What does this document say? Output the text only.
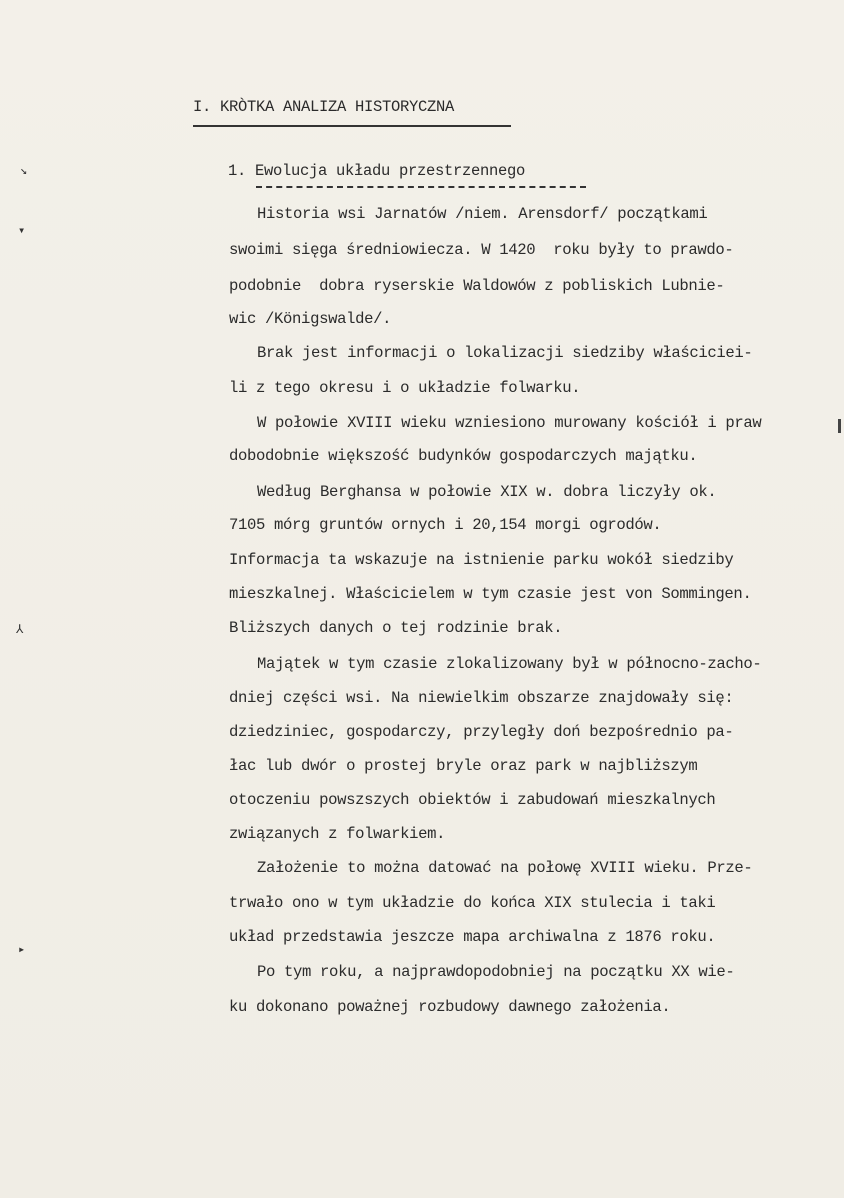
I. KRÒTKA ANALIZA HISTORYCZNA
1. Ewolucja układu przestrzennego
Historia wsi Jarnatów /niem. Arensdorf/ początkami
swoimi sięga średniowiecza. W 1420  roku były to prawdo-
podobnie  dobra ryserskie Waldowów z pobliskich Lubnie-
wic /Königswalde/.
Brak jest informacji o lokalizacji siedziby właściciei-
li z tego okresu i o układzie folwarku.
W połowie XVIII wieku wzniesiono murowany kościół i praw
dobodobnie większość budynków gospodarczych majątku.
Według Berghansa w połowie XIX w. dobra liczyły ok.
7105 mórg gruntów ornych i 20,154 morgi ogrodów.
Informacja ta wskazuje na istnienie parku wokół siedziby
mieszkalnej. Właścicielem w tym czasie jest von Sommingen.
Bliższych danych o tej rodzinie brak.
Majątek w tym czasie zlokalizowany był w północno-zacho-
dniej części wsi. Na niewielkim obszarze znajdowały się:
dziedziniec, gospodarczy, przyległy doń bezpośrednio pa-
łac lub dwór o prostej bryle oraz park w najbliższym
otoczeniu powszszych obiektów i zabudowań mieszkalnych
związanych z folwarkiem.
Założenie to można datować na połowę XVIII wieku. Prze-
trwało ono w tym układzie do końca XIX stulecia i taki
układ przedstawia jeszcze mapa archiwalna z 1876 roku.
Po tym roku, a najprawdopodobniej na początku XX wie-
ku dokonano poważnej rozbudowy dawnego założenia.
↘
▾
⅄
▸
